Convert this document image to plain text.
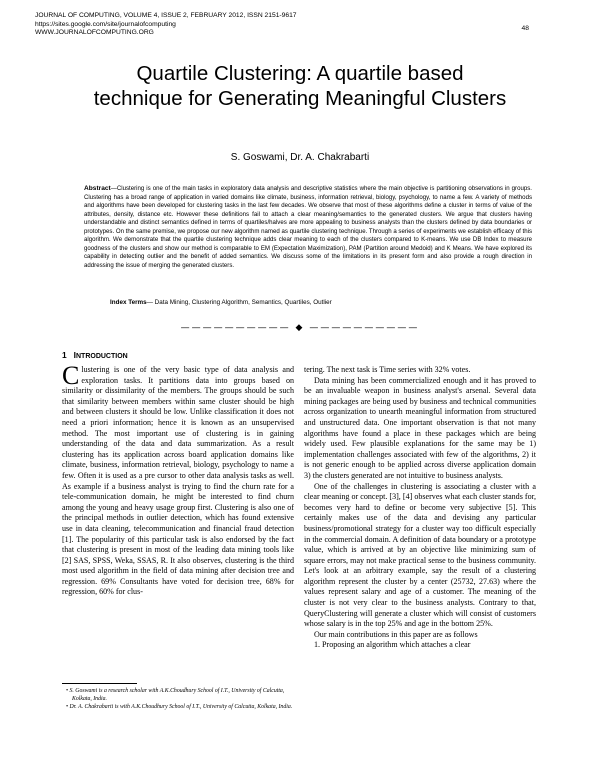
JOURNAL OF COMPUTING, VOLUME 4, ISSUE 2, FEBRUARY 2012, ISSN 2151-9617
https://sites.google.com/site/journalofcomputing
WWW.JOURNALOFCOMPUTING.ORG
48
Quartile Clustering: A quartile based
technique for Generating Meaningful Clusters
S. Goswami, Dr. A. Chakrabarti
Abstract—Clustering is one of the main tasks in exploratory data analysis and descriptive statistics where the main objective is partitioning observations in groups. Clustering has a broad range of application in varied domains like climate, business, information retrieval, biology, psychology, to name a few. A variety of methods and algorithms have been developed for clustering tasks in the last few decades. We observe that most of these algorithms define a cluster in terms of value of the attributes, density, distance etc. However these definitions fail to attach a clear meaning/semantics to the generated clusters. We argue that clusters having understandable and distinct semantics defined in terms of quartiles/halves are more appealing to business analysts than the clusters defined by data boundaries or prototypes. On the same premise, we propose our new algorithm named as quartile clustering technique. Through a series of experiments we establish efficacy of this algorithm. We demonstrate that the quartile clustering technique adds clear meaning to each of the clusters compared to K-means. We use DB Index to measure goodness of the clusters and show our method is comparable to EM (Expectation Maximization), PAM (Partition around Medoid) and K Means. We have explored its capability in detecting outlier and the benefit of added semantics. We discuss some of the limitations in its present form and also provide a rough direction in addressing the issue of merging the generated clusters.
Index Terms— Data Mining, Clustering Algorithm, Semantics, Quartiles, Outlier
—————————— ◆ ——————————
1 INTRODUCTION

Clustering is one of the very basic type of data analysis and exploration tasks. It partitions data into groups based on similarity or dissimilarity of the members. The groups should be such that similarity between members within same cluster should be high and between clusters it should be low. Unlike classification it does not need a priori information; hence it is known as an unsupervised method. The most important use of clustering is in gaining understanding of the data and data summarization. As a result clustering has its application across board application domains like climate, business, information retrieval, biology, psychology to name a few. Often it is used as a pre cursor to other data analysis tasks as well. As example if a business analyst is trying to find the churn rate for a tele-communication domain, he might be interested to find churn among the young and heavy usage group first. Clustering is also one of the principal methods in outlier detection, which has found extensive use in data cleaning, telecommunication and financial fraud detection [1]. The popularity of this particular task is also endorsed by the fact that clustering is present in most of the leading data mining tools like [2] SAS, SPSS, Weka, SSAS, R. It also observes, clustering is the third most used algorithm in the field of data mining after decision tree and regression. 69% Consultants have voted for decision tree, 68% for regression, 60% for clus-

tering. The next task is Time series with 32% votes.

Data mining has been commercialized enough and it has proved to be an invaluable weapon in business analyst's arsenal. Several data mining packages are being used by business and technical communities across organization to unearth meaningful information from structured and unstructured data. One important observation is that not many algorithms have found a place in these packages which are being widely used. Few plausible explanations for the same may be 1) implementation challenges associated with few of the algorithms, 2) it is not generic enough to be applied across diverse application domain 3) the clusters generated are not intuitive to business analysts.

One of the challenges in clustering is associating a cluster with a clear meaning or concept. [3], [4] observes what each cluster stands for, becomes very hard to define or become very subjective [5]. This certainly makes use of the data and devising any particular business/promotional strategy for a cluster way too difficult especially in the commercial domain. A definition of data boundary or a prototype value, which is arrived at by an objective like minimizing sum of square errors, may not make practical sense to the business community. Let's look at an arbitrary example, say the result of a clustering algorithm represent the cluster by a center (25732, 27.63) where the values represent salary and age of a customer. The meaning of the cluster is not very clear to the business analysts. Contrary to that, QueryClustering will generate a cluster which will consist of customers whose salary is in the top 25% and age in the bottom 25%.

Our main contributions in this paper are as follows

1. Proposing an algorithm which attaches a clear

• S. Goswami is a research scholar with A.K.Choudhury School of I.T., University of Calcutta, Kolkata, India.
• Dr. A. Chakrabarti is with A.K.Choudhury School of I.T., University of Calcutta, Kolkata, India.
